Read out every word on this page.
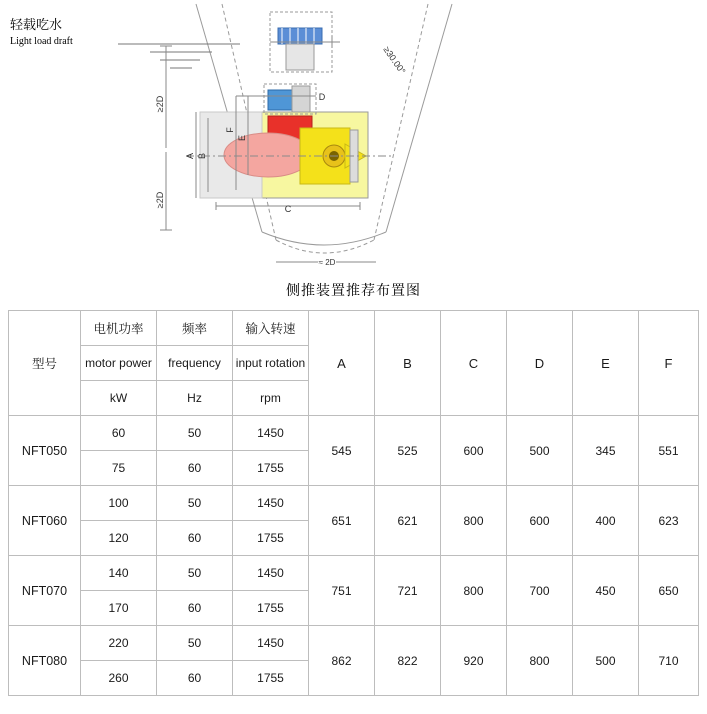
≥2D
≥2D
≥30.00°
≈ 2D
A B
F
E
C
D
轻载吃水
Light load draft
侧推装置推荐布置图
型号	电机功率	频率	输入转速	A	B	C	D	E	F
	motor power	frequency	input rotation						
	kW	Hz	rpm						
NFT050	60	50	1450	545	525	600	500	345	551
	75	60	1755						
NFT060	100	50	1450	651	621	800	600	400	623
	120	60	1755						
NFT070	140	50	1450	751	721	800	700	450	650
	170	60	1755						
NFT080	220	50	1450	862	822	920	800	500	710
	260	60	1755						
